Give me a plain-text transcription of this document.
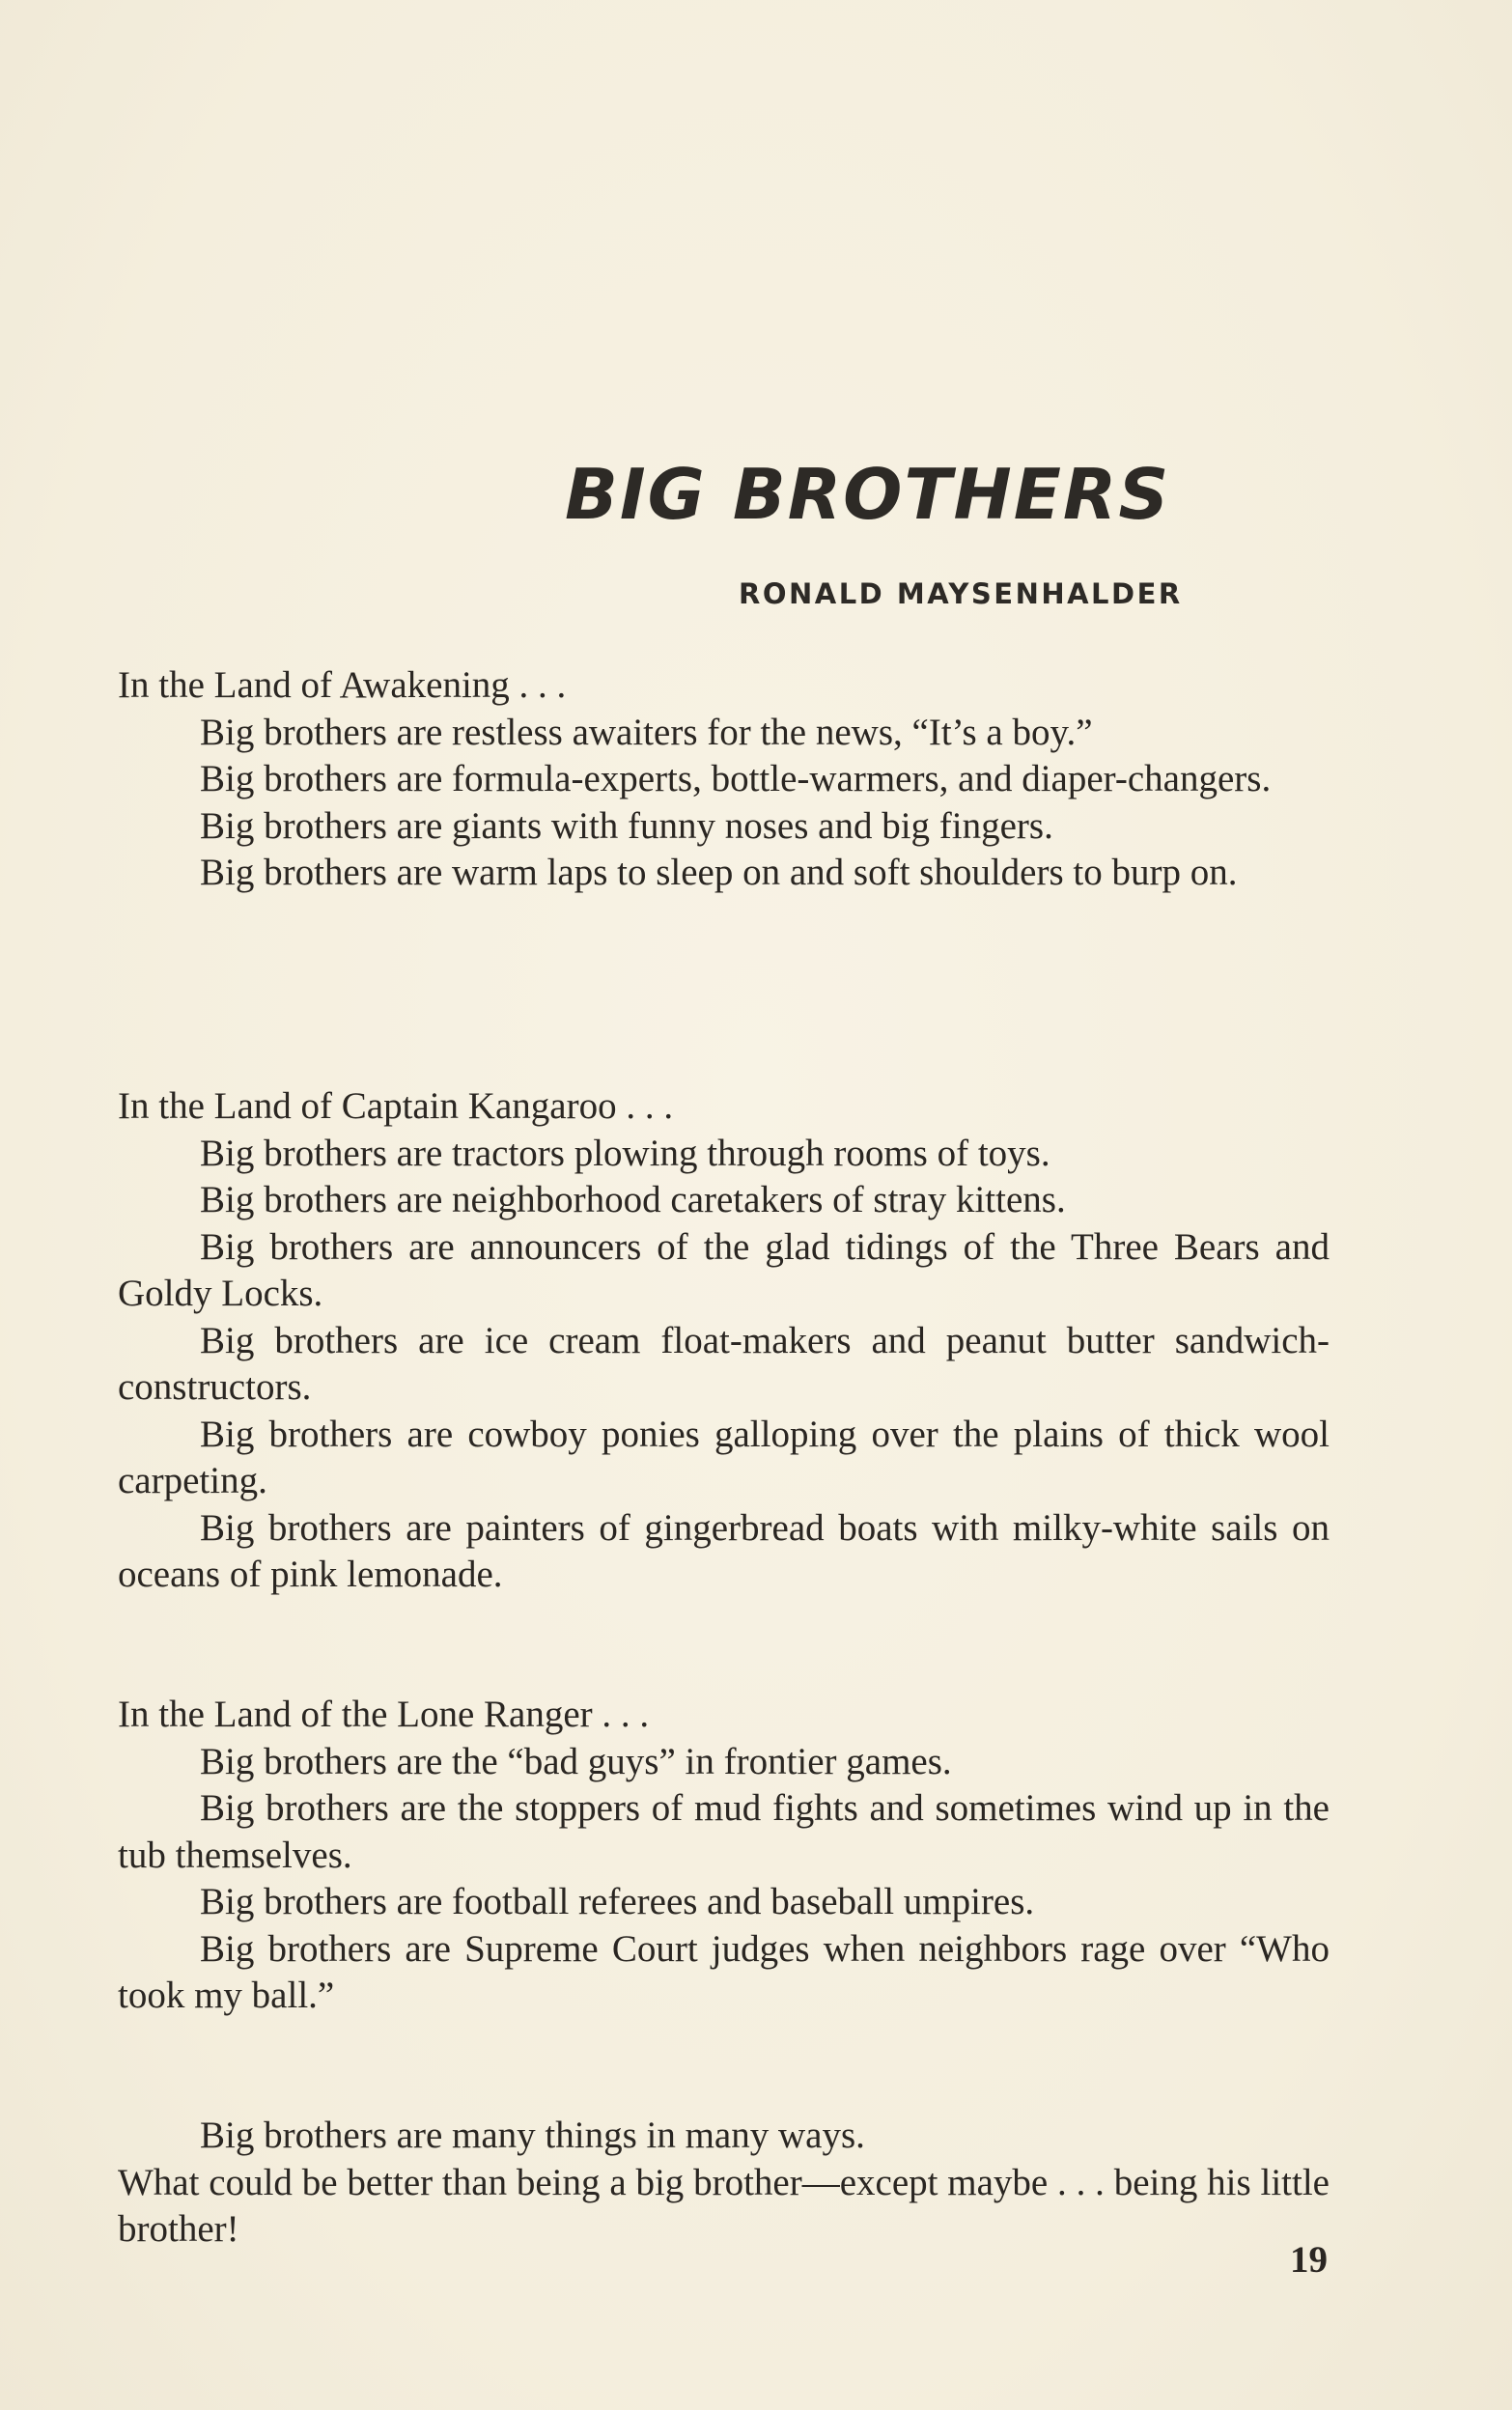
BIG BROTHERS
RONALD MAYSENHALDER

In the Land of Awakening . . .

Big brothers are restless awaiters for the news, “It’s a boy.”

Big brothers are formula-experts, bottle-warmers, and diaper-changers.

Big brothers are giants with funny noses and big fingers.

Big brothers are warm laps to sleep on and soft shoulders to burp on.

In the Land of Captain Kangaroo . . .

Big brothers are tractors plowing through rooms of toys.

Big brothers are neighborhood caretakers of stray kittens.

Big brothers are announcers of the glad tidings of the Three Bears and Goldy Locks.

Big brothers are ice cream float-makers and peanut butter sandwich-constructors.

Big brothers are cowboy ponies galloping over the plains of thick wool carpeting.

Big brothers are painters of gingerbread boats with milky-white sails on oceans of pink lemonade.

In the Land of the Lone Ranger . . .

Big brothers are the “bad guys” in frontier games.

Big brothers are the stoppers of mud fights and sometimes wind up in the tub themselves.

Big brothers are football referees and baseball umpires.

Big brothers are Supreme Court judges when neighbors rage over “Who took my ball.”

Big brothers are many things in many ways.

What could be better than being a big brother—except maybe . . . being his little brother!

19
